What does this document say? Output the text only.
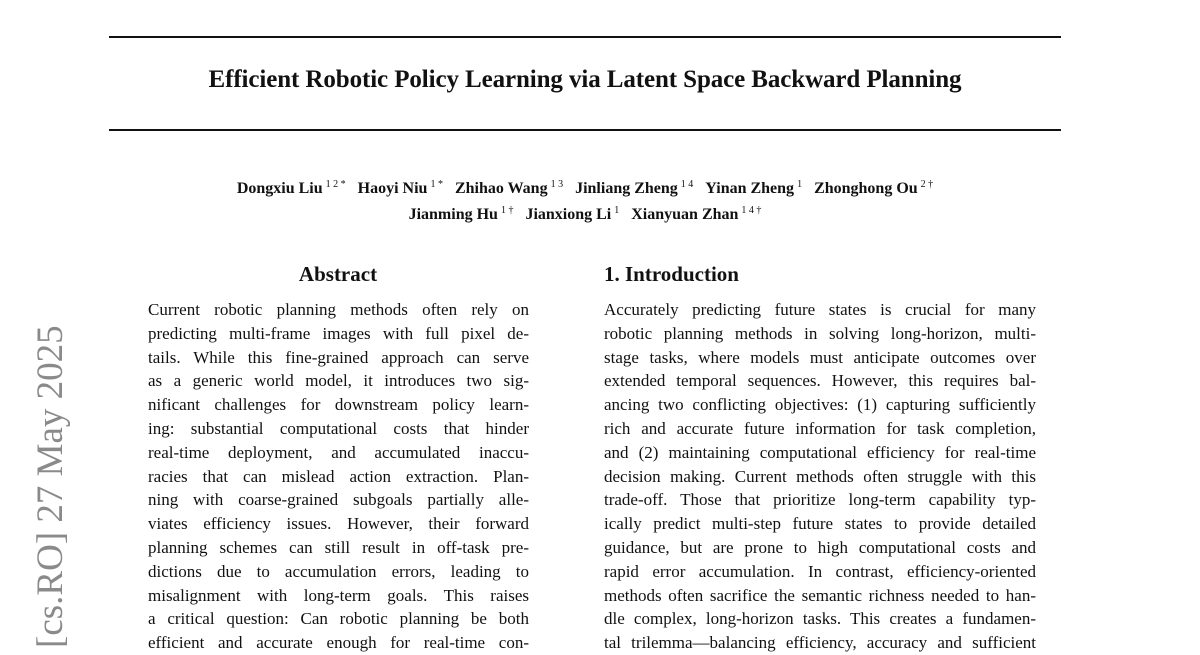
Efficient Robotic Policy Learning via Latent Space Backward Planning
Dongxiu Liu $^{1 2 *}$ Haoyi Niu $^{1 *}$ Zhihao Wang $^{1 3}$ Jinliang Zheng $^{1 4}$ Yinan Zheng $^1$ Zhonghong Ou $^{2 \dagger}$
Jianming Hu $^{1 \dagger}$ Jianxiong Li $^1$ Xianyuan Zhan $^{1 4 \dagger}$
[cs.RO] 27 May 2025
Abstract
Current robotic planning methods often rely on
predicting multi-frame images with full pixel de-
tails. While this fine-grained approach can serve
as a generic world model, it introduces two sig-
nificant challenges for downstream policy learn-
ing: substantial computational costs that hinder
real-time deployment, and accumulated inaccu-
racies that can mislead action extraction. Plan-
ning with coarse-grained subgoals partially alle-
viates efficiency issues. However, their forward
planning schemes can still result in off-task pre-
dictions due to accumulation errors, leading to
misalignment with long-term goals. This raises
a critical question: Can robotic planning be both
efficient and accurate enough for real-time con-
1. Introduction
Accurately predicting future states is crucial for many
robotic planning methods in solving long-horizon, multi-
stage tasks, where models must anticipate outcomes over
extended temporal sequences. However, this requires bal-
ancing two conflicting objectives: (1) capturing sufficiently
rich and accurate future information for task completion,
and (2) maintaining computational efficiency for real-time
decision making. Current methods often struggle with this
trade-off. Those that prioritize long-term capability typ-
ically predict multi-step future states to provide detailed
guidance, but are prone to high computational costs and
rapid error accumulation. In contrast, efficiency-oriented
methods often sacrifice the semantic richness needed to han-
dle complex, long-horizon tasks. This creates a fundamen-
tal trilemma—balancing efficiency, accuracy and sufficient
